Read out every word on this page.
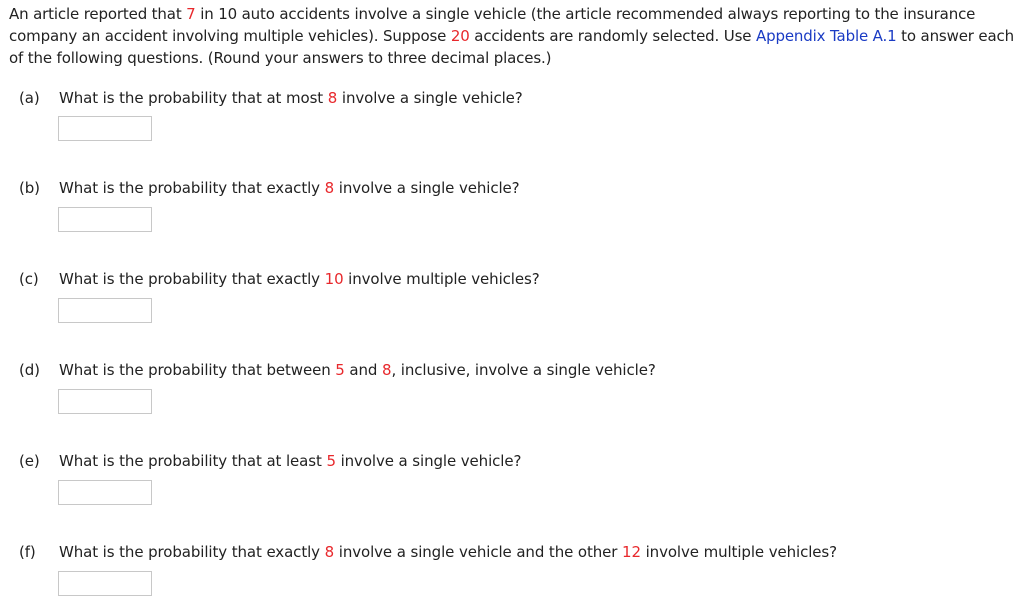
An article reported that 7 in 10 auto accidents involve a single vehicle (the article recommended always reporting to the insurance company an accident involving multiple vehicles). Suppose 20 accidents are randomly selected. Use Appendix Table A.1 to answer each of the following questions. (Round your answers to three decimal places.)
(a) What is the probability that at most 8 involve a single vehicle?
(b) What is the probability that exactly 8 involve a single vehicle?
(c) What is the probability that exactly 10 involve multiple vehicles?
(d) What is the probability that between 5 and 8, inclusive, involve a single vehicle?
(e) What is the probability that at least 5 involve a single vehicle?
(f) What is the probability that exactly 8 involve a single vehicle and the other 12 involve multiple vehicles?
